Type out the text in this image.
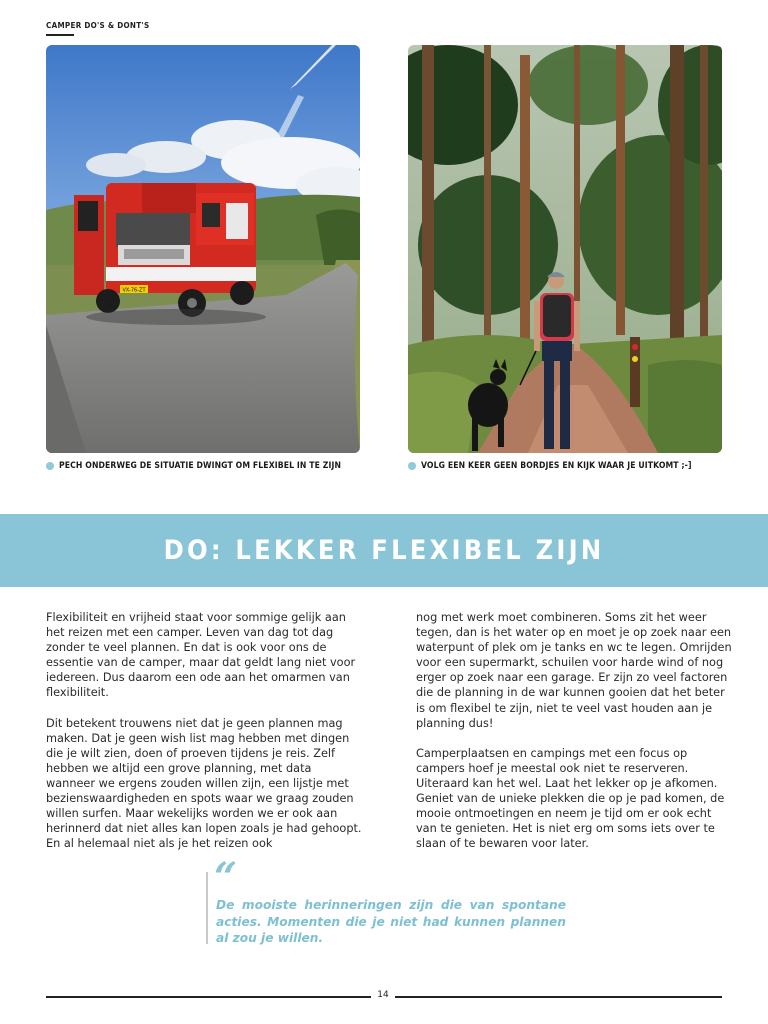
CAMPER DO'S & DONT'S
VX-76-ZT
PECH ONDERWEG DE SITUATIE DWINGT OM FLEXIBEL IN TE ZIJN	VOLG EEN KEER GEEN BORDJES EN KIJK WAAR JE UITKOMT ;-]
DO: LEKKER FLEXIBEL ZIJN

Flexibiliteit en vrijheid staat voor sommige gelijk aan het reizen met een camper. Leven van dag tot dag zonder te veel plannen. En dat is ook voor ons de essentie van de camper, maar dat geldt lang niet voor iedereen. Dus daarom een ode aan het omarmen van flexibiliteit.

Dit betekent trouwens niet dat je geen plannen mag maken. Dat je geen wish list mag hebben met dingen die je wilt zien, doen of proeven tijdens je reis. Zelf hebben we altijd een grove planning, met data wanneer we ergens zouden willen zijn, een lijstje met bezienswaardigheden en spots waar we graag zouden willen surfen. Maar wekelijks worden we er ook aan herinnerd dat niet alles kan lopen zoals je had gehoopt. En al helemaal niet als je het reizen ook

nog met werk moet combineren. Soms zit het weer tegen, dan is het water op en moet je op zoek naar een waterpunt of plek om je tanks en wc te legen. Omrijden voor een supermarkt, schuilen voor harde wind of nog erger op zoek naar een garage. Er zijn zo veel factoren die de planning in de war kunnen gooien dat het beter is om flexibel te zijn, niet te veel vast houden aan je planning dus!

Camperplaatsen en campings met een focus op campers hoef je meestal ook niet te reserveren. Uiteraard kan het wel. Laat het lekker op je afkomen. Geniet van de unieke plekken die op je pad komen, de mooie ontmoetingen en neem je tijd om er ook echt van te genieten. Het is niet erg om soms iets over te slaan of te bewaren voor later.

“
De mooiste herinneringen zijn die van spontane acties. Momenten die je niet had kunnen plannen al zou je willen.
14
